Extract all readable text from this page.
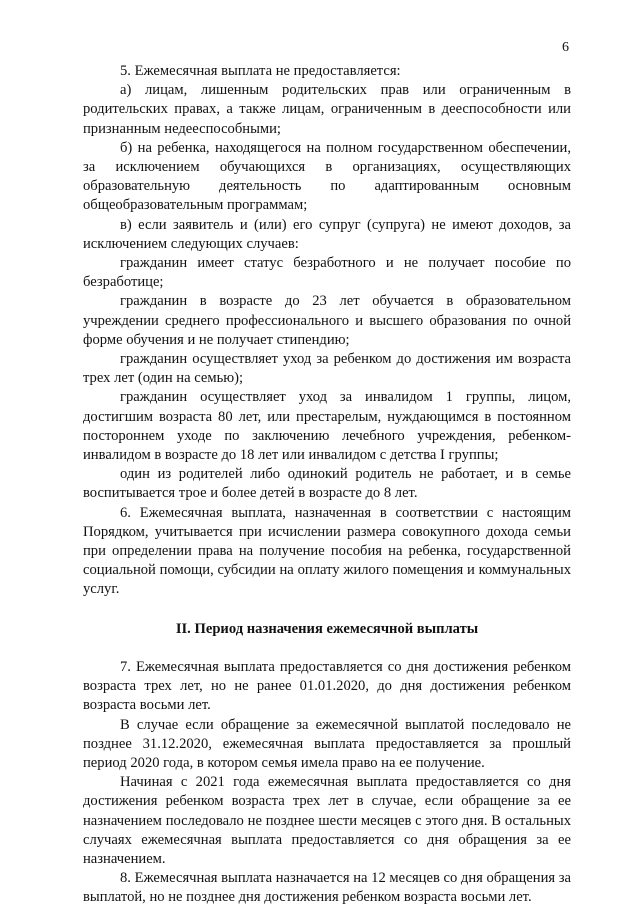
6

5. Ежемесячная выплата не предоставляется:

а) лицам, лишенным родительских прав или ограниченным в родительских правах, а также лицам, ограниченным в дееспособности или признанным недееспособными;

б) на ребенка, находящегося на полном государственном обеспечении, за исключением обучающихся в организациях, осуществляющих образовательную деятельность по адаптированным основным общеобразовательным программам;

в) если заявитель и (или) его супруг (супруга) не имеют доходов, за исключением следующих случаев:

гражданин имеет статус безработного и не получает пособие по безработице;

гражданин в возрасте до 23 лет обучается в образовательном учреждении среднего профессионального и высшего образования по очной форме обучения и не получает стипендию;

гражданин осуществляет уход за ребенком до достижения им возраста трех лет (один на семью);

гражданин осуществляет уход за инвалидом 1 группы, лицом, достигшим возраста 80 лет, или престарелым, нуждающимся в постоянном постороннем уходе по заключению лечебного учреждения, ребенком-инвалидом в возрасте до 18 лет или инвалидом с детства I группы;

один из родителей либо одинокий родитель не работает, и в семье воспитывается трое и более детей в возрасте до 8 лет.

6. Ежемесячная выплата, назначенная в соответствии с настоящим Порядком, учитывается при исчислении размера совокупного дохода семьи при определении права на получение пособия на ребенка, государственной социальной помощи, субсидии на оплату жилого помещения и коммунальных услуг.

II. Период назначения ежемесячной выплаты

7. Ежемесячная выплата предоставляется со дня достижения ребенком возраста трех лет, но не ранее 01.01.2020, до дня достижения ребенком возраста восьми лет.

В случае если обращение за ежемесячной выплатой последовало не позднее 31.12.2020, ежемесячная выплата предоставляется за прошлый период 2020 года, в котором семья имела право на ее получение.

Начиная с 2021 года ежемесячная выплата предоставляется со дня достижения ребенком возраста трех лет в случае, если обращение за ее назначением последовало не позднее шести месяцев с этого дня. В остальных случаях ежемесячная выплата предоставляется со дня обращения за ее назначением.

8. Ежемесячная выплата назначается на 12 месяцев со дня обращения за выплатой, но не позднее дня достижения ребенком возраста восьми лет.
